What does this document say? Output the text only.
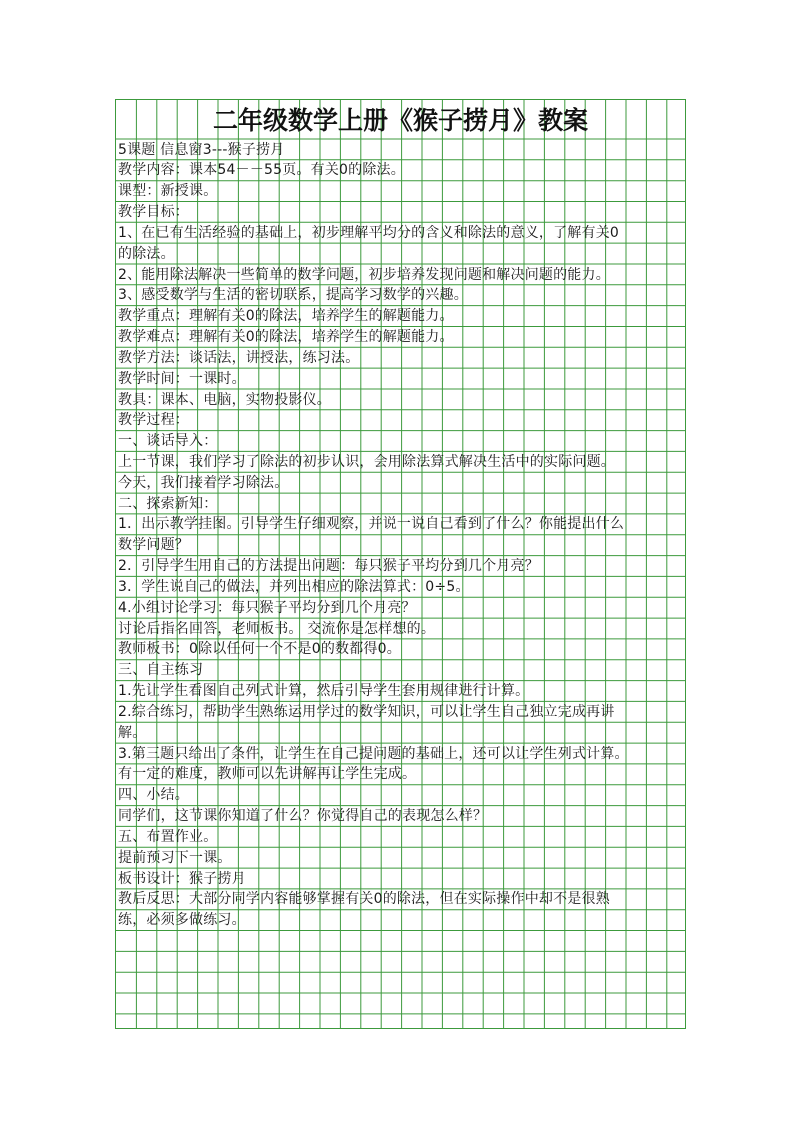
二年级数学上册《猴子捞月》教案
5课题 信息窗3---猴子捞月
教学内容：课本54－－55页。有关0的除法。
课型：新授课。
教学目标：
1、在已有生活经验的基础上，初步理解平均分的含义和除法的意义，了解有关0
的除法。
2、能用除法解决一些简单的数学问题，初步培养发现问题和解决问题的能力。
3、感受数学与生活的密切联系，提高学习数学的兴趣。
教学重点：理解有关0的除法，培养学生的解题能力。
教学难点：理解有关0的除法，培养学生的解题能力。
教学方法：谈话法，讲授法，练习法。
教学时间：一课时。
教具：课本、电脑，实物投影仪。
教学过程：
一、谈话导入：
上一节课，我们学习了除法的初步认识，会用除法算式解决生活中的实际问题。
今天，我们接着学习除法。
二、探索新知：
1．出示教学挂图。引导学生仔细观察，并说一说自己看到了什么？你能提出什么
数学问题？
2．引导学生用自己的方法提出问题：每只猴子平均分到几个月亮？
3．学生说自己的做法，并列出相应的除法算式：0÷5。
4.小组讨论学习：每只猴子平均分到几个月亮？
讨论后指名回答，老师板书。 交流你是怎样想的。
教师板书：0除以任何一个不是0的数都得0。
三、自主练习
1.先让学生看图自己列式计算，然后引导学生套用规律进行计算。
2.综合练习，帮助学生熟练运用学过的数学知识，可以让学生自己独立完成再讲
解。
3.第三题只给出了条件，让学生在自己提问题的基础上，还可以让学生列式计算。
有一定的难度，教师可以先讲解再让学生完成。
四、小结。
同学们，这节课你知道了什么？你觉得自己的表现怎么样？
五、布置作业。
提前预习下一课。
板书设计：猴子捞月
教后反思：大部分同学内容能够掌握有关0的除法，但在实际操作中却不是很熟
练，必须多做练习。
